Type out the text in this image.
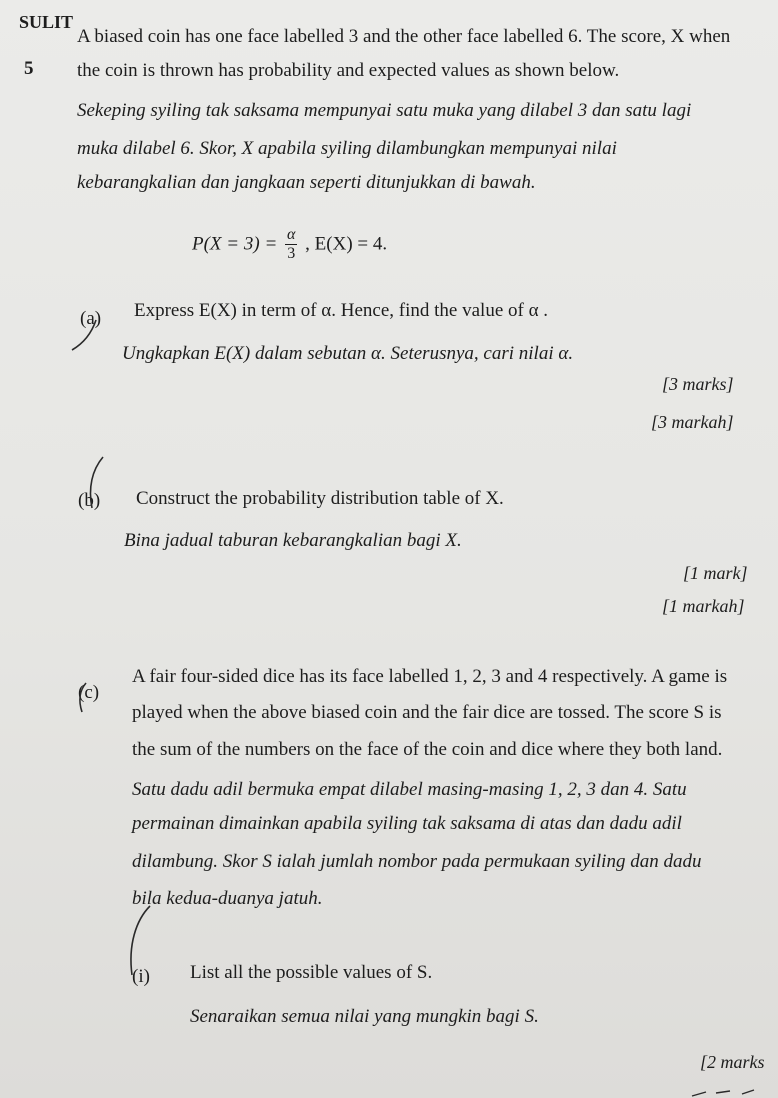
SULIT
5
A biased coin has one face labelled 3 and the other face labelled 6. The score, X when
the coin is thrown has probability and expected values as shown below.
Sekeping syiling tak saksama mempunyai satu muka yang dilabel 3 dan satu lagi
muka dilabel 6. Skor, X apabila syiling dilambungkan mempunyai nilai
kebarangkalian dan jangkaan seperti ditunjukkan di bawah.
$P(X = 3) = \frac{\alpha}{3}$ , E(X) = 4.
(a) Express E(X) in term of α. Hence, find the value of α .
Ungkapkan E(X) dalam sebutan α. Seterusnya, cari nilai α.
[3 marks]
[3 markah]
(b) Construct the probability distribution table of X.
Bina jadual taburan kebarangkalian bagi X.
[1 mark]
[1 markah]
(c)
A fair four-sided dice has its face labelled 1, 2, 3 and 4 respectively. A game is
played when the above biased coin and the fair dice are tossed. The score S is
the sum of the numbers on the face of the coin and dice where they both land.
Satu dadu adil bermuka empat dilabel masing-masing 1, 2, 3 dan 4. Satu
permainan dimainkan apabila syiling tak saksama di atas dan dadu adil
dilambung. Skor S ialah jumlah nombor pada permukaan syiling dan dadu
bila kedua-duanya jatuh.
(i) List all the possible values of S.
Senaraikan semua nilai yang mungkin bagi S.
[2 marks
